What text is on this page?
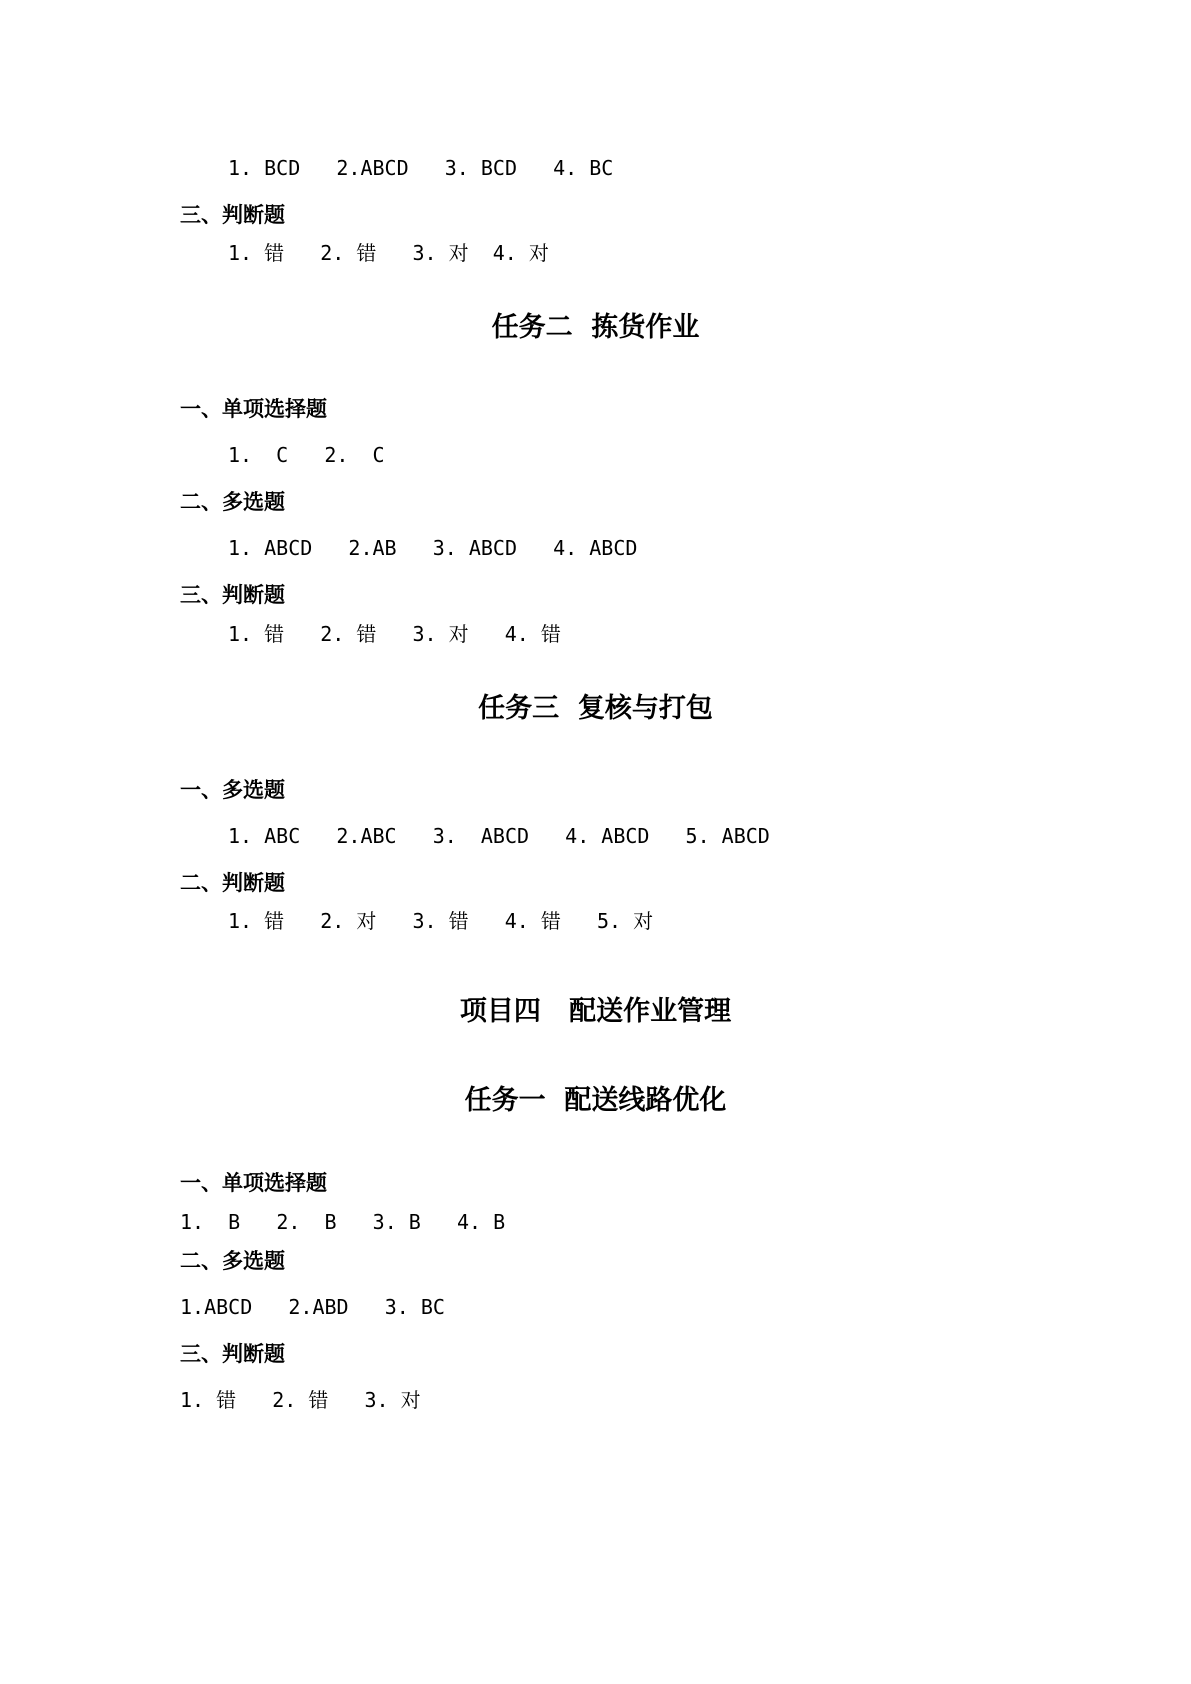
1. BCD   2.ABCD   3. BCD   4. BC
三、判断题
1. 错   2. 错   3. 对  4. 对
任务二  拣货作业
一、单项选择题
1.  C   2.  C
二、多选题
1. ABCD   2.AB   3. ABCD   4. ABCD
三、判断题
1. 错   2. 错   3. 对   4. 错
任务三  复核与打包
一、多选题
1. ABC   2.ABC   3.  ABCD   4. ABCD   5. ABCD
二、判断题
1. 错   2. 对   3. 错   4. 错   5. 对
项目四   配送作业管理
任务一  配送线路优化
一、单项选择题
1.  B   2.  B   3. B   4. B
二、多选题
1.ABCD   2.ABD   3. BC
三、判断题
1. 错   2. 错   3. 对
